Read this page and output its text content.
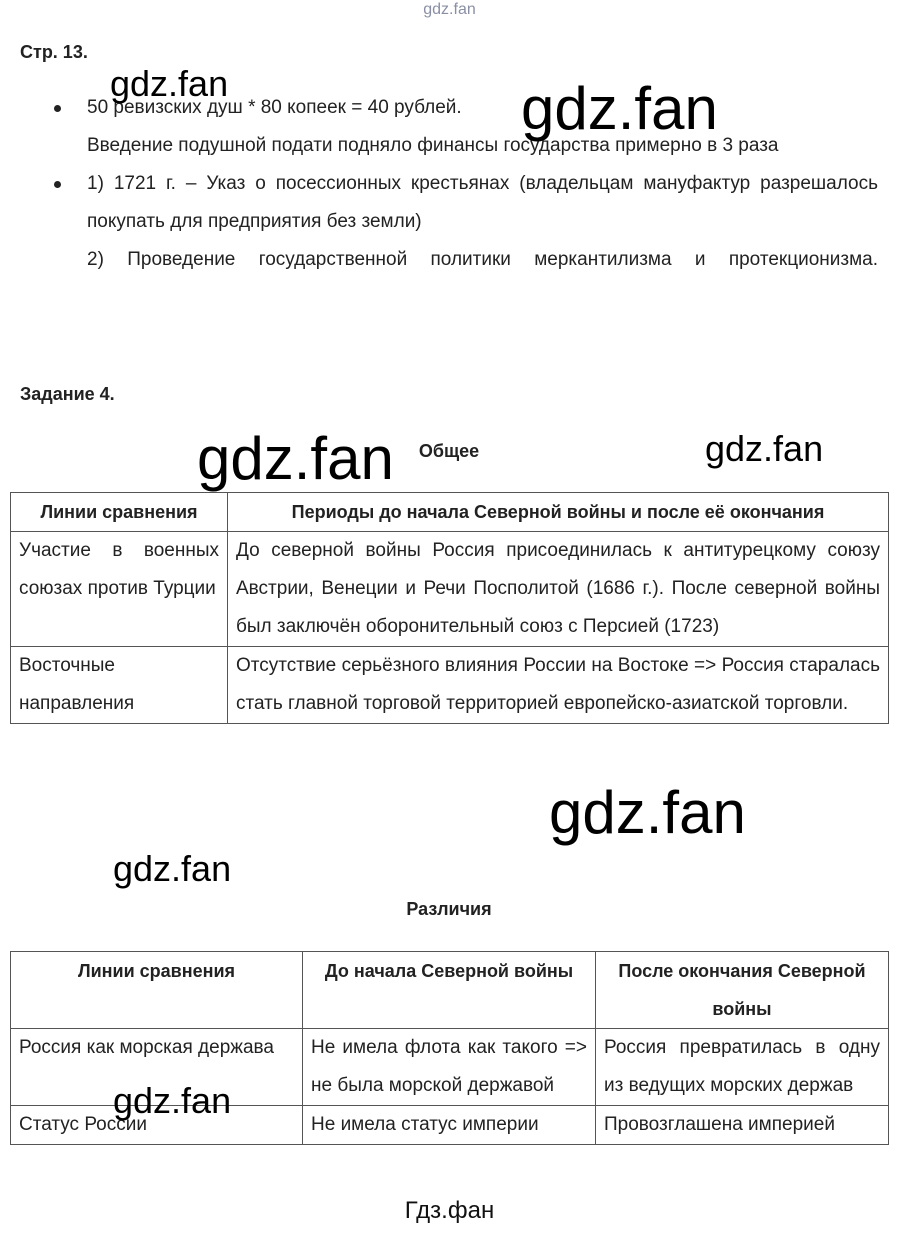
gdz.fan
Стр. 13.
50 ревизских душ * 80 копеек = 40 рублей.
Введение подушной подати подняло финансы государства примерно в 3 раза
1) 1721 г. – Указ о посессионных крестьянах (владельцам мануфактур разрешалось покупать для предприятия без земли)
2) Проведение государственной политики меркантилизма и протекционизма.
Задание 4.
Общее
Линии сравнения	Периоды до начала Северной войны и после её окончания
Участие в военных союзах против Турции	До северной войны Россия присоединилась к антитурецкому союзу Австрии, Венеции и Речи Посполитой (1686 г.). После северной войны был заключён оборонительный союз с Персией (1723)
Восточные направления	Отсутствие серьёзного влияния России на Востоке => Россия старалась стать главной торговой территорией европейско-азиатской торговли.
Различия
Линии сравнения	До начала Северной войны	После окончания Северной войны
Россия как морская держава	Не имела флота как такого => не была морской державой	Россия превратилась в одну из ведущих морских держав
Статус России	Не имела статус империи	Провозглашена империей
gdz.fan	gdz.fan
gdz.fan	gdz.fan
gdz.fan
gdz.fan
gdz.fan
Гдз.фан
